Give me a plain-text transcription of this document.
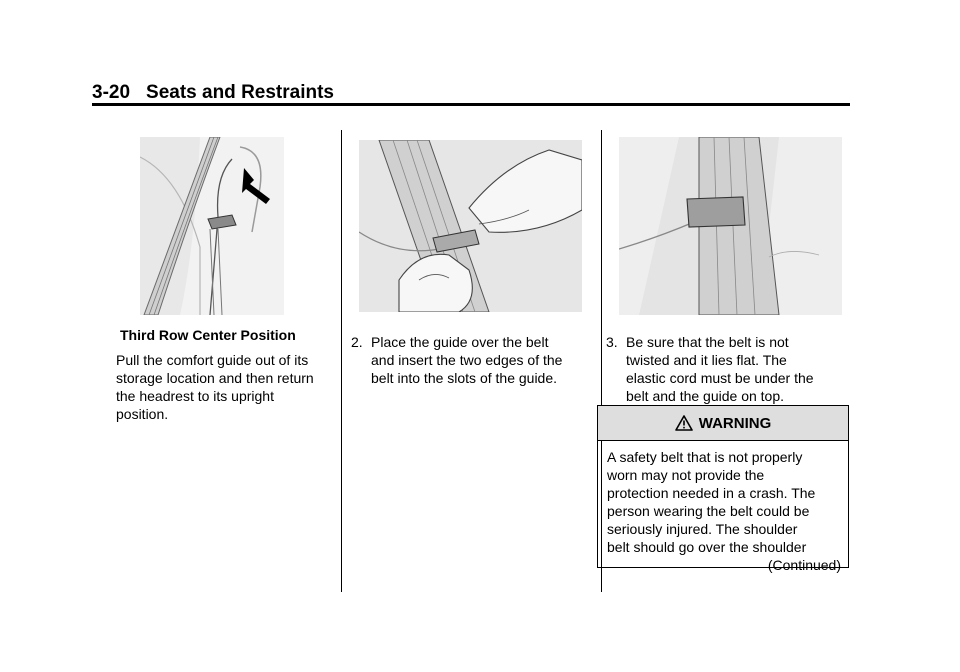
3-20 Seats and Restraints
Third Row Center Position
Pull the comfort guide out of its
storage location and then return
the headrest to its upright
position.
2. Place the guide over the belt
and insert the two edges of the
belt into the slots of the guide.
3. Be sure that the belt is not
twisted and it lies flat. The
elastic cord must be under the
belt and the guide on top.
WARNING
A safety belt that is not properly
worn may not provide the
protection needed in a crash. The
person wearing the belt could be
seriously injured. The shoulder
belt should go over the shoulder
(Continued)
